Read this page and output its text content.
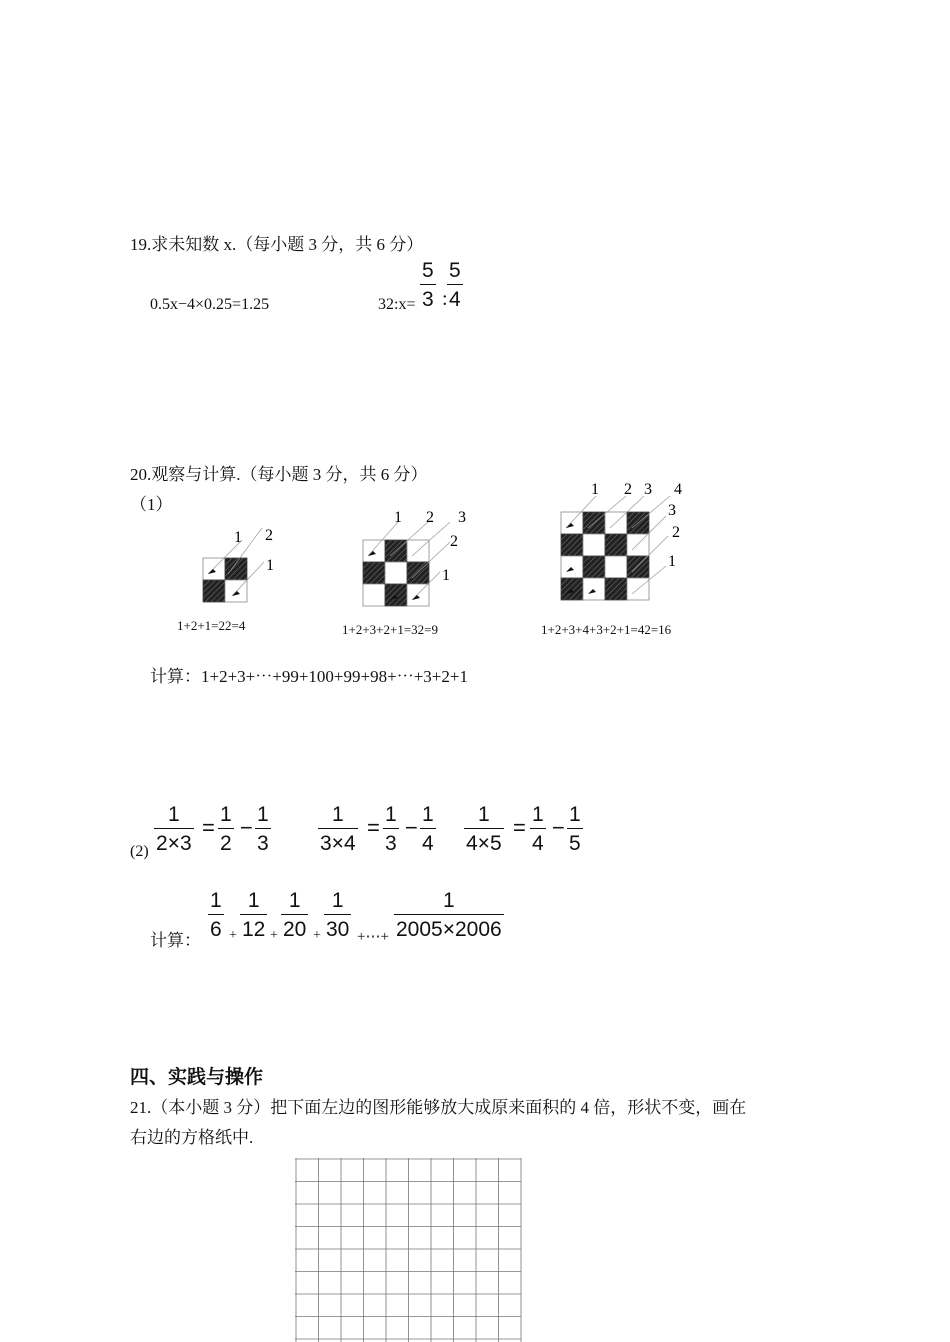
19.求未知数 x.（每小题 3 分，共 6 分）
0.5x−4×0.25=1.25	32:x= $\frac{5}{3}$ : $\frac{5}{4}$
20.观察与计算.（每小题 3 分，共 6 分）
（1）
1 2
1
1 2 3
2
1
1 2 3 4
3
2
1
1+2+1=22=4	1+2+3+2+1=32=9	1+2+3+4+3+2+1=42=16
计算：1+2+3+⋯+99+100+99+98+⋯+3+2+1
$(2) \frac{1}{2\times 3} = \frac{1}{2} - \frac{1}{3} \frac{1}{3\times 4} = \frac{1}{3} - \frac{1}{4} \frac{1}{4\times 5} = \frac{1}{4} - \frac{1}{5}$
计算：
$\frac{1}{6} + \frac{1}{12} + \frac{1}{20} + \frac{1}{30}$ +⋯+ $\frac{1}{2005\times 2006}$
四、实践与操作
21.（本小题 3 分）把下面左边的图形能够放大成原来面积的 4 倍，形状不变，画在
右边的方格纸中.
